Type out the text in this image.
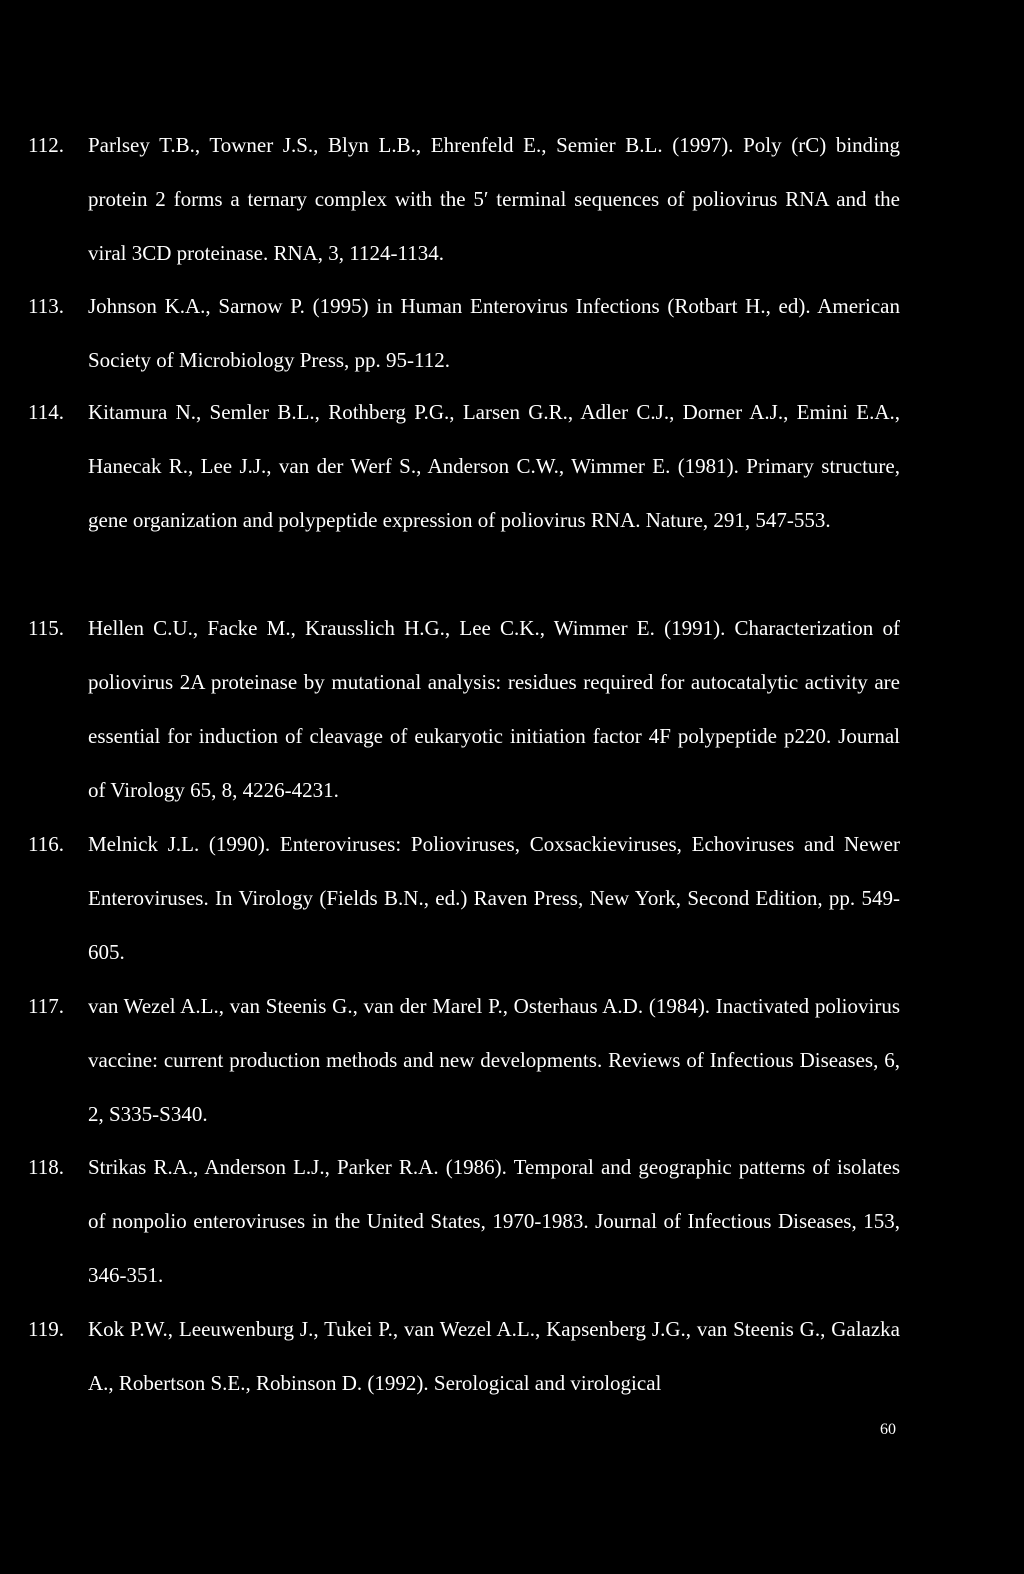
112.	Parlsey T.B., Towner J.S., Blyn L.B., Ehrenfeld E., Semier B.L. (1997). Poly (rC) binding protein 2 forms a ternary complex with the 5′ terminal sequences of poliovirus RNA and the viral 3CD proteinase. RNA, 3, 1124-1134.
113.	Johnson K.A., Sarnow P. (1995) in Human Enterovirus Infections (Rotbart H., ed). American Society of Microbiology Press, pp. 95-112.
114.	Kitamura N., Semler B.L., Rothberg P.G., Larsen G.R., Adler C.J., Dorner A.J., Emini E.A., Hanecak R., Lee J.J., van der Werf S., Anderson C.W., Wimmer E. (1981). Primary structure, gene organization and polypeptide expression of poliovirus RNA. Nature, 291, 547-553.
115.	Hellen C.U., Facke M., Krausslich H.G., Lee C.K., Wimmer E. (1991). Characterization of poliovirus 2A proteinase by mutational analysis: residues required for autocatalytic activity are essential for induction of cleavage of eukaryotic initiation factor 4F polypeptide p220. Journal of Virology 65, 8, 4226-4231.
116.	Melnick J.L. (1990). Enteroviruses: Polioviruses, Coxsackieviruses, Echoviruses and Newer Enteroviruses. In Virology (Fields B.N., ed.) Raven Press, New York, Second Edition, pp. 549-605.
117.	van Wezel A.L., van Steenis G., van der Marel P., Osterhaus A.D. (1984). Inactivated poliovirus vaccine: current production methods and new developments. Reviews of Infectious Diseases, 6, 2, S335-S340.
118.	Strikas R.A., Anderson L.J., Parker R.A. (1986). Temporal and geographic patterns of isolates of nonpolio enteroviruses in the United States, 1970-1983. Journal of Infectious Diseases, 153, 346-351.
119.	Kok P.W., Leeuwenburg J., Tukei P., van Wezel A.L., Kapsenberg J.G., van Steenis G., Galazka A., Robertson S.E., Robinson D. (1992). Serological and virological
60
